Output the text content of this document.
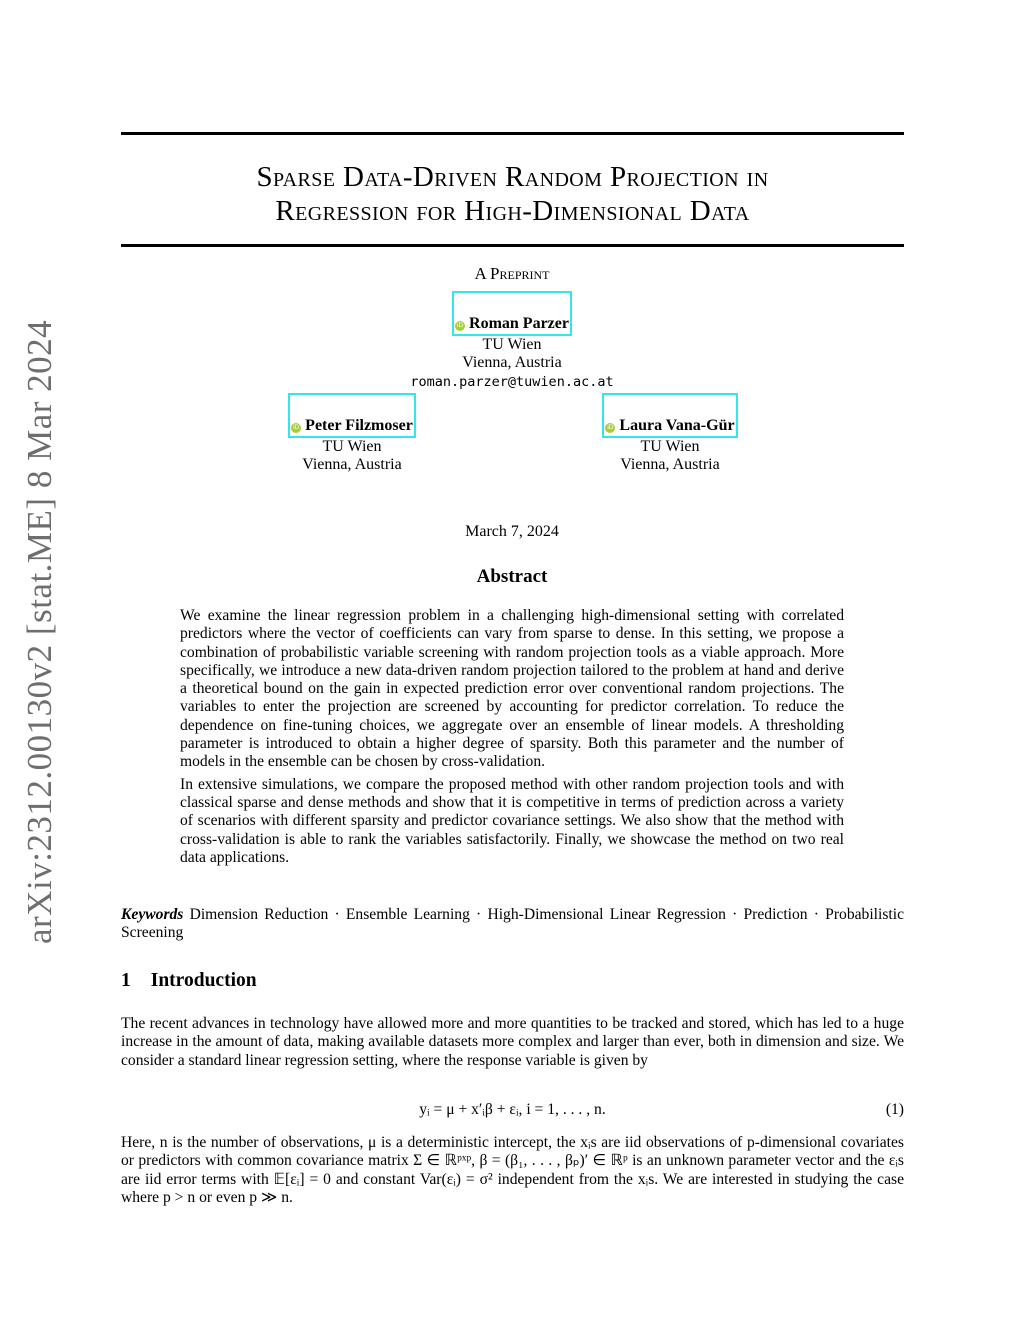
arXiv:2312.00130v2 [stat.ME] 8 Mar 2024
Sparse Data-Driven Random Projection in
Regression for High-Dimensional Data
A Preprint
iD Roman Parzer
TU Wien
Vienna, Austria
roman.parzer@tuwien.ac.at
iD Peter Filzmoser
TU Wien
Vienna, Austria
iD Laura Vana-Gür
TU Wien
Vienna, Austria
March 7, 2024
Abstract

We examine the linear regression problem in a challenging high-dimensional setting with correlated predictors where the vector of coefficients can vary from sparse to dense. In this setting, we propose a combination of probabilistic variable screening with random projection tools as a viable approach. More specifically, we introduce a new data-driven random projection tailored to the problem at hand and derive a theoretical bound on the gain in expected prediction error over conventional random projections. The variables to enter the projection are screened by accounting for predictor correlation. To reduce the dependence on fine-tuning choices, we aggregate over an ensemble of linear models. A thresholding parameter is introduced to obtain a higher degree of sparsity. Both this parameter and the number of models in the ensemble can be chosen by cross-validation.

In extensive simulations, we compare the proposed method with other random projection tools and with classical sparse and dense methods and show that it is competitive in terms of prediction across a variety of scenarios with different sparsity and predictor covariance settings. We also show that the method with cross-validation is able to rank the variables satisfactorily. Finally, we showcase the method on two real data applications.

Keywords Dimension Reduction · Ensemble Learning · High-Dimensional Linear Regression · Prediction · Probabilistic Screening
1 Introduction
The recent advances in technology have allowed more and more quantities to be tracked and stored, which has led to a huge increase in the amount of data, making available datasets more complex and larger than ever, both in dimension and size. We consider a standard linear regression setting, where the response variable is given by
yᵢ = μ + x′ᵢβ + εᵢ, i = 1, . . . , n.	(1)
Here, n is the number of observations, μ is a deterministic intercept, the xᵢs are iid observations of p-dimensional covariates or predictors with common covariance matrix Σ ∈ ℝᵖˣᵖ, β = (β₁, . . . , βₚ)′ ∈ ℝᵖ is an unknown parameter vector and the εᵢs are iid error terms with 𝔼[εᵢ] = 0 and constant Var(εᵢ) = σ² independent from the xᵢs. We are interested in studying the case where p > n or even p ≫ n.
